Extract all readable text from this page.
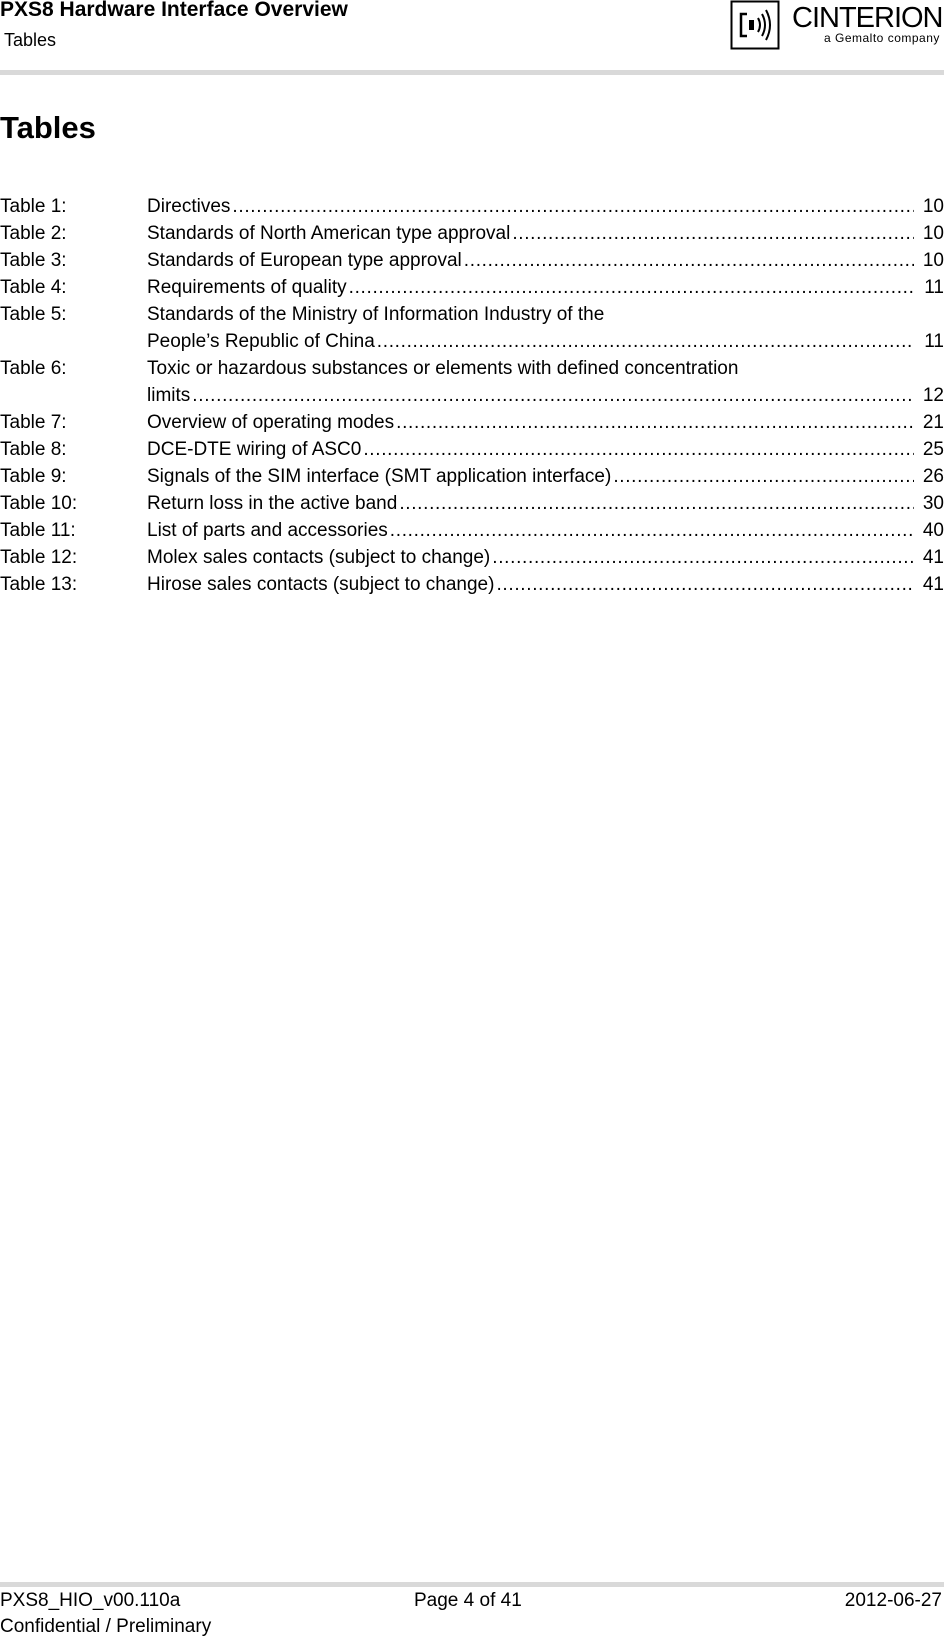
PXS8 Hardware Interface Overview
Tables
CINTERION
a Gemalto company
Tables
Table 1:	Directives . . .	10
Table 2:	Standards of North American type approval . . .	10
Table 3:	Standards of European type approval . . .	10
Table 4:	Requirements of quality . . .	11
Table 5:	Standards of the Ministry of Information Industry of the
People’s Republic of China . . .	11
Table 6:	Toxic or hazardous substances or elements with defined concentration
limits . . .	12
Table 7:	Overview of operating modes . . .	21
Table 8:	DCE-DTE wiring of ASC0 . . .	25
Table 9:	Signals of the SIM interface (SMT application interface) . . .	26
Table 10:	Return loss in the active band . . .	30
Table 11:	List of parts and accessories . . .	40
Table 12:	Molex sales contacts (subject to change) . . .	41
Table 13:	Hirose sales contacts (subject to change) . . .	41
PXS8_HIO_v00.110a
Confidential / Preliminary
Page 4 of 41	2012-06-27
